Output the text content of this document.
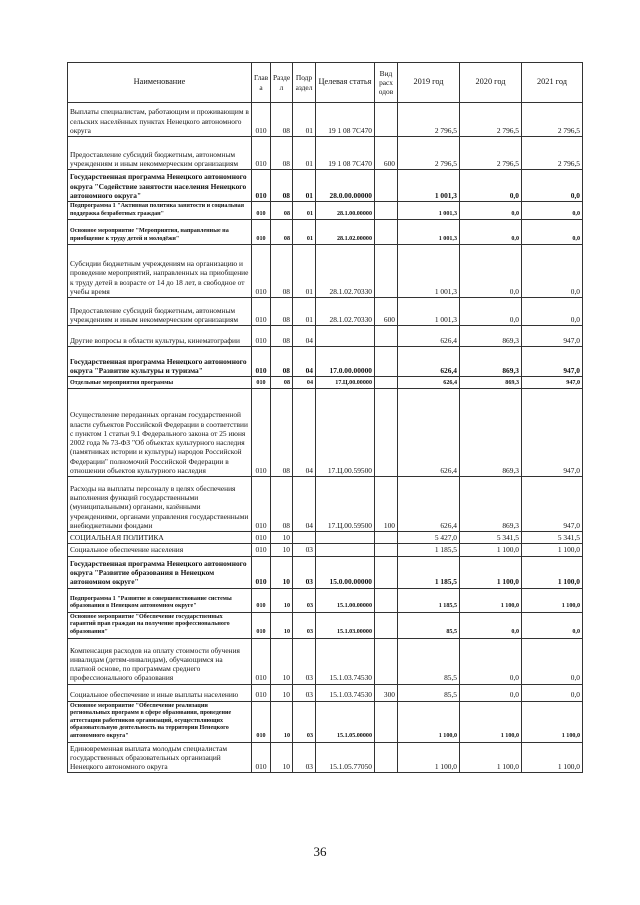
Наименование	Глав а	Разде л	Подр аздел	Целевая статья	Вид расх одов	2019 год	2020 год	2021 год
Выплаты специалистам, работающим и проживающим в сельских населённых пунктах Ненецкого автономного округа	010	08	01	19 1 08 7С470		2 796,5	2 796,5	2 796,5
Предоставление субсидий бюджетным, автономным учреждениям и иным некоммерческим организациям	010	08	01	19 1 08 7С470	600	2 796,5	2 796,5	2 796,5
Государственная программа Ненецкого автономного округа "Содействие занятости населения Ненецкого автономного округа"	010	08	01	28.0.00.00000		1 001,3	0,0	0,0
Подпрограмма 1 "Активная политика занятости и социальная поддержка безработных граждан"	010	08	01	28.1.00.00000		1 001,3	0,0	0,0
Основное мероприятие "Мероприятия, направленные на приобщение к труду детей и молодёжи"	010	08	01	28.1.02.00000		1 001,3	0,0	0,0
Субсидии бюджетным учреждениям на организацию и проведение мероприятий, направленных на приобщение к труду детей в возрасте от 14 до 18 лет, в свободное от учебы время	010	08	01	28.1.02.70330		1 001,3	0,0	0,0
Предоставление субсидий бюджетным, автономным учреждениям и иным некоммерческим организациям	010	08	01	28.1.02.70330	600	1 001,3	0,0	0,0
Другие вопросы в области культуры, кинематографии	010	08	04			626,4	869,3	947,0
Государственная программа Ненецкого автономного округа "Развитие культуры и туризма"	010	08	04	17.0.00.00000		626,4	869,3	947,0
Отдельные мероприятия программы	010	08	04	17.Ц.00.00000		626,4	869,3	947,0
Осуществление переданных органам государственной власти субъектов Российской Федерации в соответствии с пунктом 1 статьи 9.1 Федерального закона от 25 июня 2002 года № 73-ФЗ "Об объектах культурного наследия (памятниках истории и культуры) народов Российской Федерации" полномочий Российской Федерации в отношении объектов культурного наследия	010	08	04	17.Ц.00.59500		626,4	869,3	947,0
Расходы на выплаты персоналу в целях обеспечения выполнения функций государственными (муниципальными) органами, казёнными учреждениями, органами управления государственными внебюджетными фондами	010	08	04	17.Ц.00.59500	100	626,4	869,3	947,0
СОЦИАЛЬНАЯ ПОЛИТИКА	010	10				5 427,0	5 341,5	5 341,5
Социальное обеспечение населения	010	10	03			1 185,5	1 100,0	1 100,0
Государственная программа Ненецкого автономного округа "Развитие образования в Ненецком автономном округе"	010	10	03	15.0.00.00000		1 185,5	1 100,0	1 100,0
Подпрограмма 1 "Развитие и совершенствование системы образования в Ненецком автономном округе"	010	10	03	15.1.00.00000		1 185,5	1 100,0	1 100,0
Основное мероприятие "Обеспечение государственных гарантий прав граждан на получение профессионального образования"	010	10	03	15.1.03.00000		85,5	0,0	0,0
Компенсация расходов на оплату стоимости обучения инвалидам (детям-инвалидам), обучающимся на платной основе, по программам среднего профессионального образования	010	10	03	15.1.03.74530		85,5	0,0	0,0
Социальное обеспечение и иные выплаты населению	010	10	03	15.1.03.74530	300	85,5	0,0	0,0
Основное мероприятие "Обеспечение реализации региональных программ в сфере образования, проведение аттестации работников организаций, осуществляющих образовательную деятельность на территории Ненецкого автономного округа"	010	10	03	15.1.05.00000		1 100,0	1 100,0	1 100,0
Единовременная выплата молодым специалистам государственных образовательных организаций Ненецкого автономного округа	010	10	03	15.1.05.77050		1 100,0	1 100,0	1 100,0
36
